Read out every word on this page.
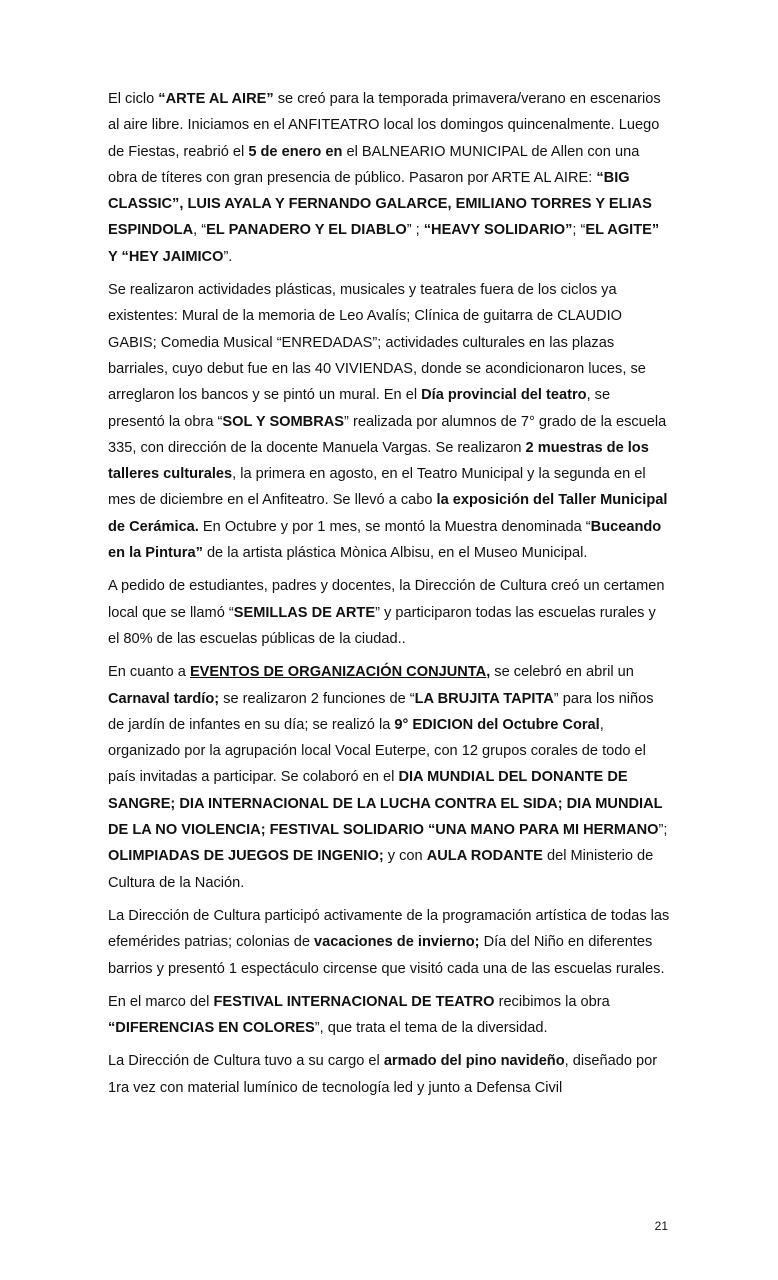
El ciclo “ARTE AL AIRE” se creó para la temporada primavera/verano en escenarios al aire libre. Iniciamos en el ANFITEATRO local los domingos quincenalmente. Luego de Fiestas, reabrió el 5 de enero en el BALNEARIO MUNICIPAL de Allen con una obra de títeres con gran presencia de público. Pasaron por ARTE AL AIRE: “BIG CLASSIC”, LUIS AYALA Y FERNANDO GALARCE, EMILIANO TORRES Y ELIAS ESPINDOLA, “EL PANADERO Y EL DIABLO” ; “HEAVY SOLIDARIO”; “EL AGITE” Y “HEY JAIMICO”.

Se realizaron actividades plásticas, musicales y teatrales fuera de los ciclos ya existentes: Mural de la memoria de Leo Avalís; Clínica de guitarra de CLAUDIO GABIS; Comedia Musical “ENREDADAS”; actividades culturales en las plazas barriales, cuyo debut fue en las 40 VIVIENDAS, donde se acondicionaron luces, se arreglaron los bancos y se pintó un mural. En el Día provincial del teatro, se presentó la obra “SOL Y SOMBRAS” realizada por alumnos de 7° grado de la escuela 335, con dirección de la docente Manuela Vargas. Se realizaron 2 muestras de los talleres culturales, la primera en agosto, en el Teatro Municipal y la segunda en el mes de diciembre en el Anfiteatro. Se llevó a cabo la exposición del Taller Municipal de Cerámica. En Octubre y por 1 mes, se montó la Muestra denominada “Buceando en la Pintura” de la artista plástica Mònica Albisu, en el Museo Municipal.

A pedido de estudiantes, padres y docentes, la Dirección de Cultura creó un certamen local que se llamó “SEMILLAS DE ARTE” y participaron todas las escuelas rurales y el 80% de las escuelas públicas de la ciudad..

En cuanto a EVENTOS DE ORGANIZACIÓN CONJUNTA, se celebró en abril un Carnaval tardío; se realizaron 2 funciones de “LA BRUJITA TAPITA” para los niños de jardín de infantes en su día; se realizó la 9° EDICION del Octubre Coral, organizado por la agrupación local Vocal Euterpe, con 12 grupos corales de todo el país invitadas a participar. Se colaboró en el DIA MUNDIAL DEL DONANTE DE SANGRE; DIA INTERNACIONAL DE LA LUCHA CONTRA EL SIDA; DIA MUNDIAL DE LA NO VIOLENCIA; FESTIVAL SOLIDARIO “UNA MANO PARA MI HERMANO”; OLIMPIADAS DE JUEGOS DE INGENIO; y con AULA RODANTE del Ministerio de Cultura de la Nación.

La Dirección de Cultura participó activamente de la programación artística de todas las efemérides patrias; colonias de vacaciones de invierno; Día del Niño en diferentes barrios y presentó 1 espectáculo circense que visitó cada una de las escuelas rurales.

En el marco del FESTIVAL INTERNACIONAL DE TEATRO recibimos la obra “DIFERENCIAS EN COLORES”, que trata el tema de la diversidad.

La Dirección de Cultura tuvo a su cargo el armado del pino navideño, diseñado por 1ra vez con material lumínico de tecnología led y junto a Defensa Civil

21
